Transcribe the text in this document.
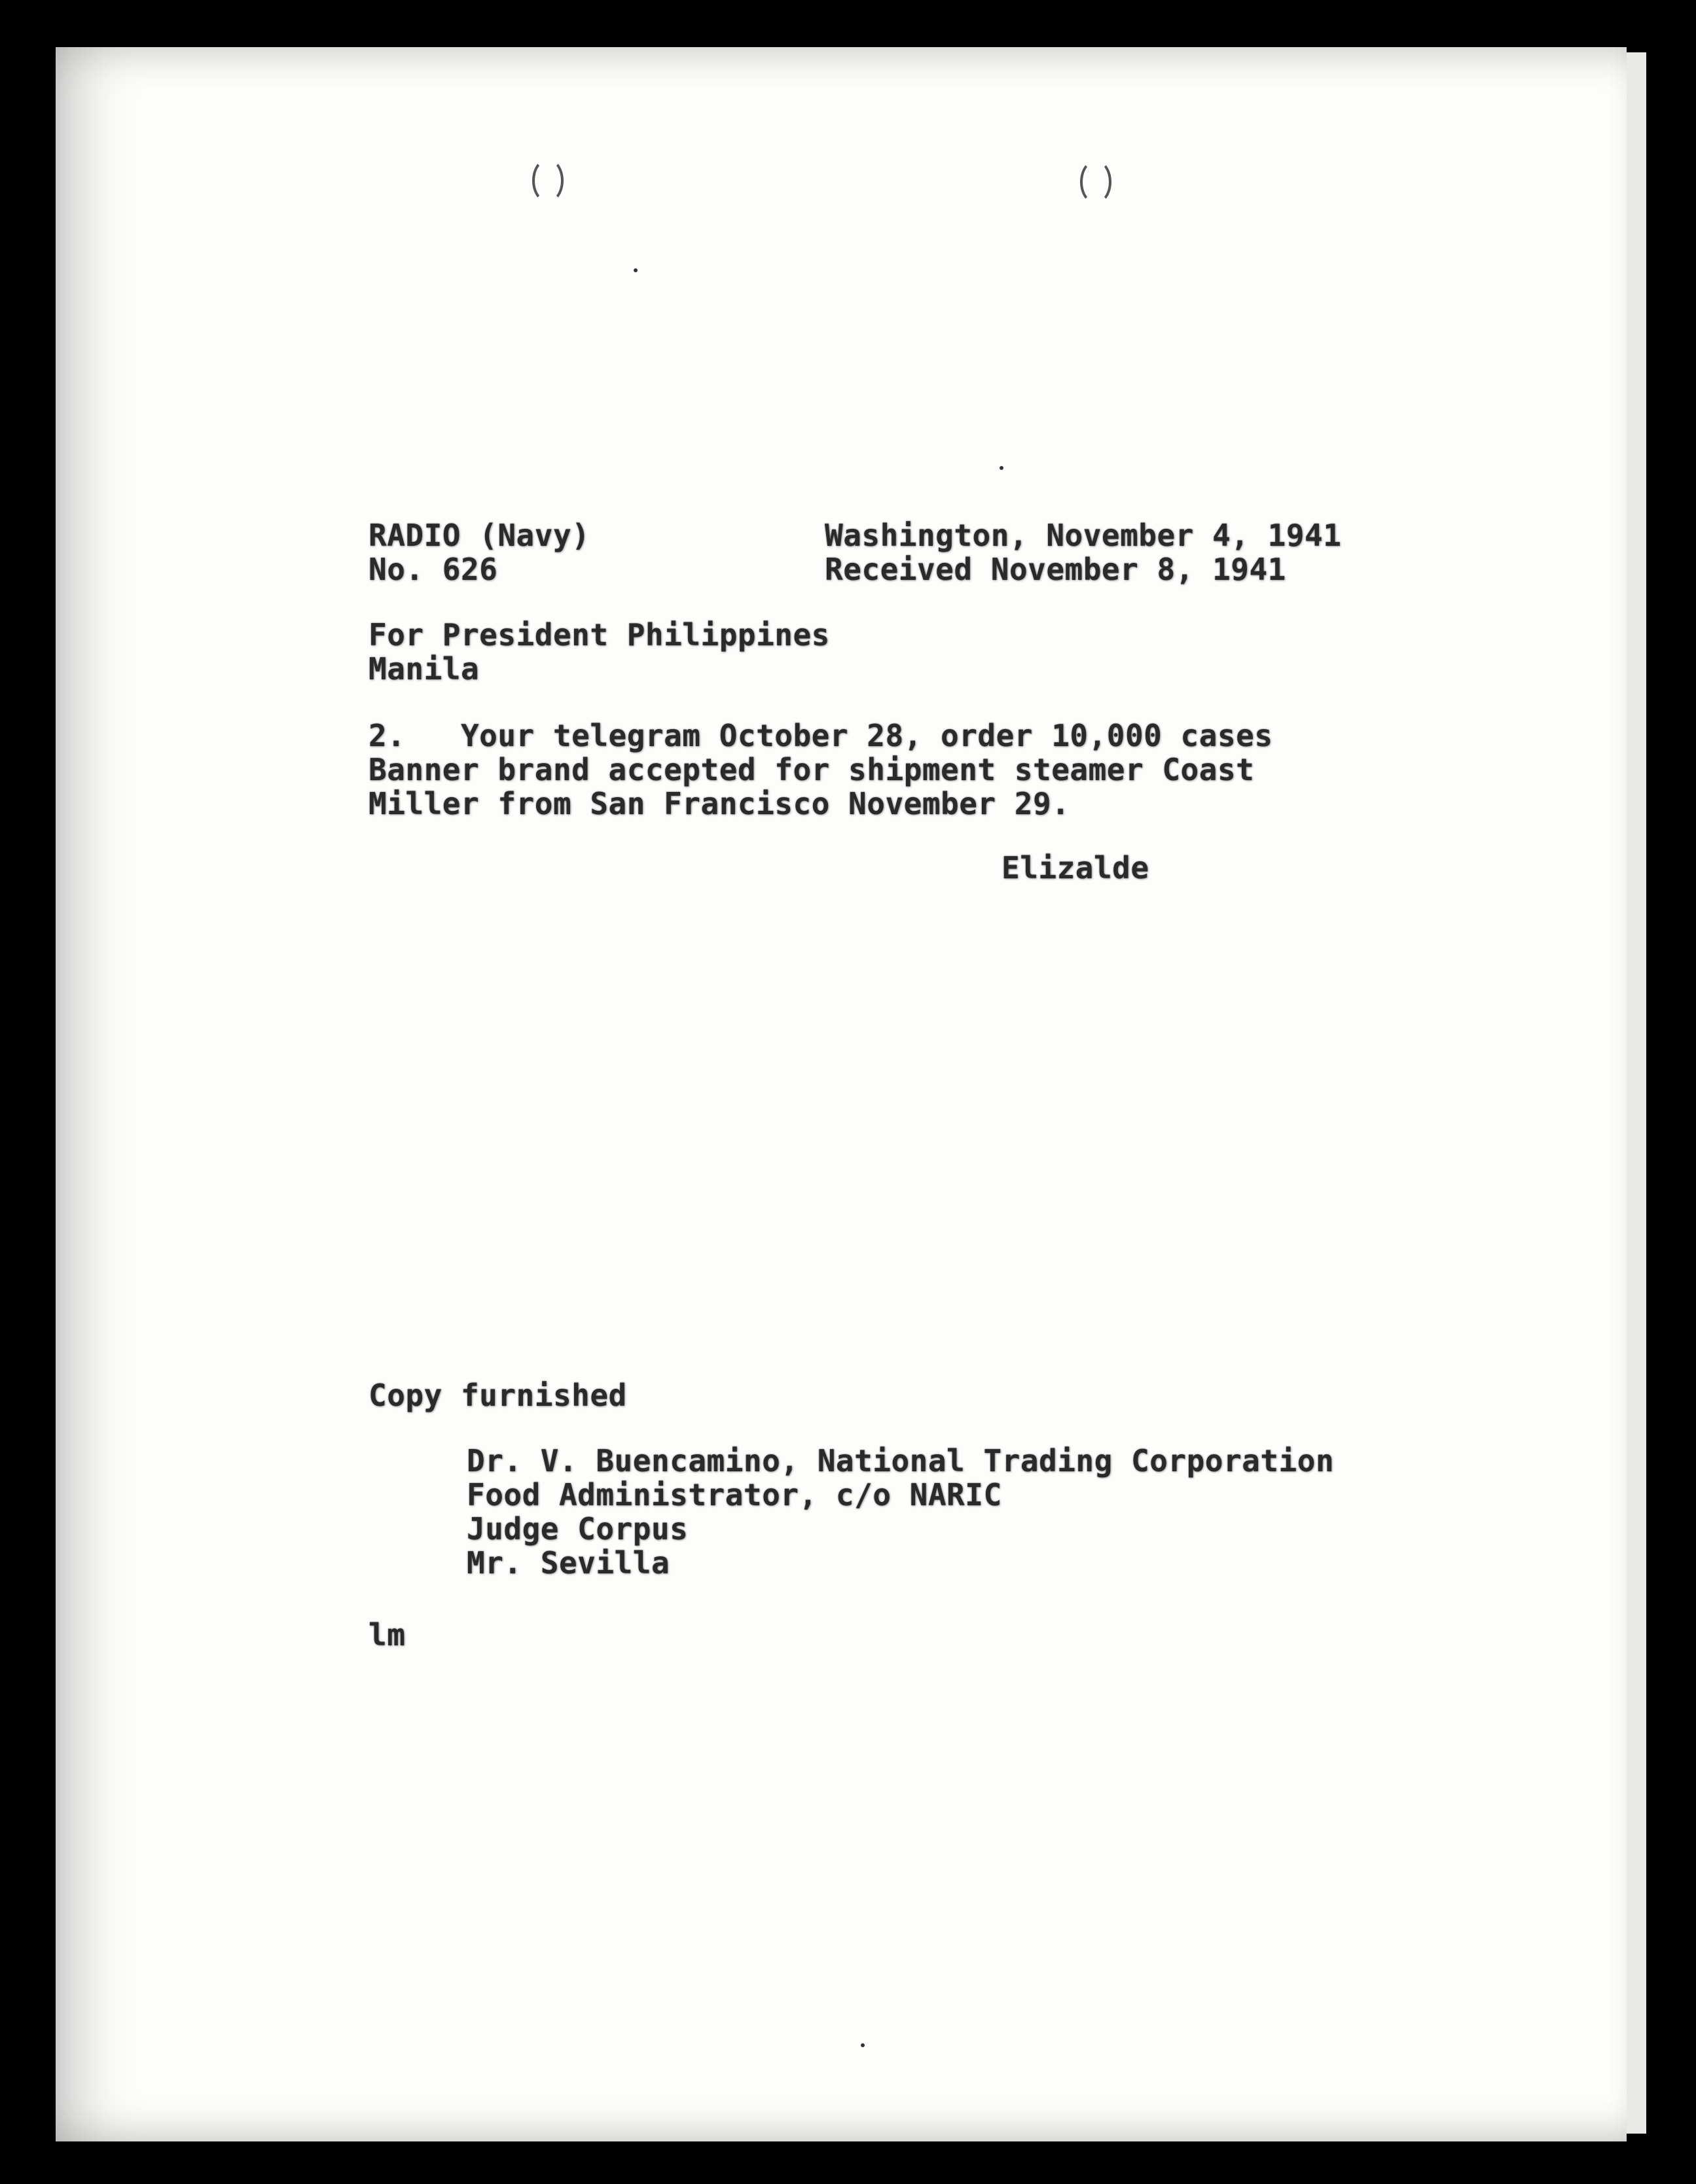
RADIO (Navy)
No. 626
Washington, November 4, 1941
Received November 8, 1941
For President Philippines
Manila
2.   Your telegram October 28, order 10,000 cases
Banner brand accepted for shipment steamer Coast
Miller from San Francisco November 29.
Elizalde
Copy furnished
Dr. V. Buencamino, National Trading Corporation
Food Administrator, c/o NARIC
Judge Corpus
Mr. Sevilla
lm
